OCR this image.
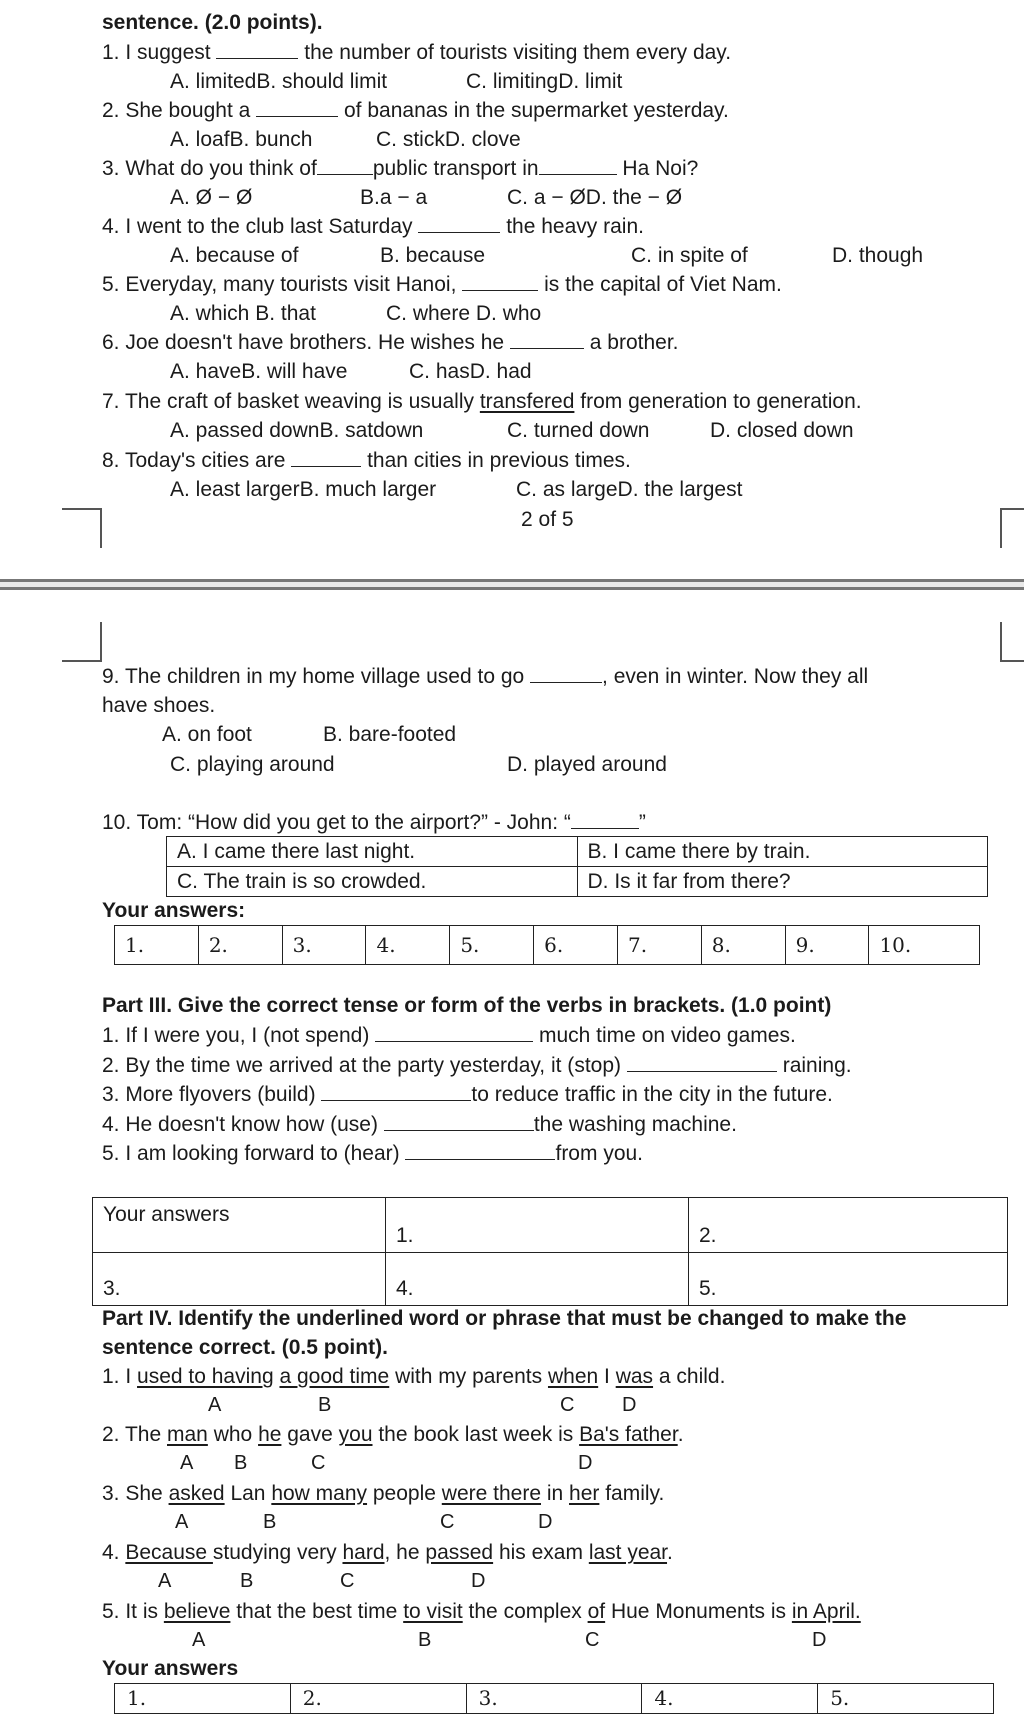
sentence. (2.0 points).
1. I suggest	the number of tourists visiting them every day.
A. limitedB. should limit	C. limitingD. limit
2. She bought a	of bananas in the supermarket yesterday.
A. loafB. bunch	C. stickD. clove
3. What do you think of	public transport in	Ha Noi?
A. Ø − Ø	B.a − a	C. a − ØD. the − Ø
4. I went to the club last Saturday	the heavy rain.
A. because of	B. because	C. in spite of	D. though
5. Everyday, many tourists visit Hanoi,	is the capital of Viet Nam.
A. which B. that	C. where D. who
6. Joe doesn't have brothers. He wishes he	a brother.
A. haveB. will have	C. hasD. had
7. The craft of basket weaving is usually transfered from generation to generation.
A. passed downB. satdown	C. turned down	D. closed down
8. Today's cities are	than cities in previous times.
A. least largerB. much larger	C. as largeD. the largest
2 of 5
9. The children in my home village used to go	, even in winter. Now they all
have shoes.
A. on foot	B. bare-footed
C. playing around	D. played around
10. Tom: “How did you get to the airport?” - John: “	”
A. I came there last night.	B. I came there by train.
C. The train is so crowded.	D. Is it far from there?
Your answers:
1.	2.	3.	4.	5.	6.	7.	8.	9.	10.
Part III. Give the correct tense or form of the verbs in brackets. (1.0 point)
1. If I were you, I (not spend)	much time on video games.
2. By the time we arrived at the party yesterday, it (stop)	raining.
3. More flyovers (build)	to reduce traffic in the city in the future.
4. He doesn't know how (use)	the washing machine.
5. I am looking forward to (hear)	from you.
Your answers	1.	2.
3.	4.	5.
Part IV. Identify the underlined word or phrase that must be changed to make the
sentence correct. (0.5 point).
1. I used to having a good time with my parents when I was a child.
A	B	C D
2. The man who he gave you the book last week is Ba's father.
A B	C	D
3. She asked Lan how many people were there in her family.
A	B	C	D
4. Because studying very hard, he passed his exam last year.
A	B	C	D
5. It is believe that the best time to visit the complex of Hue Monuments is in April.
A	B	C	D
Your answers
1.	2.	3.	4.	5.
